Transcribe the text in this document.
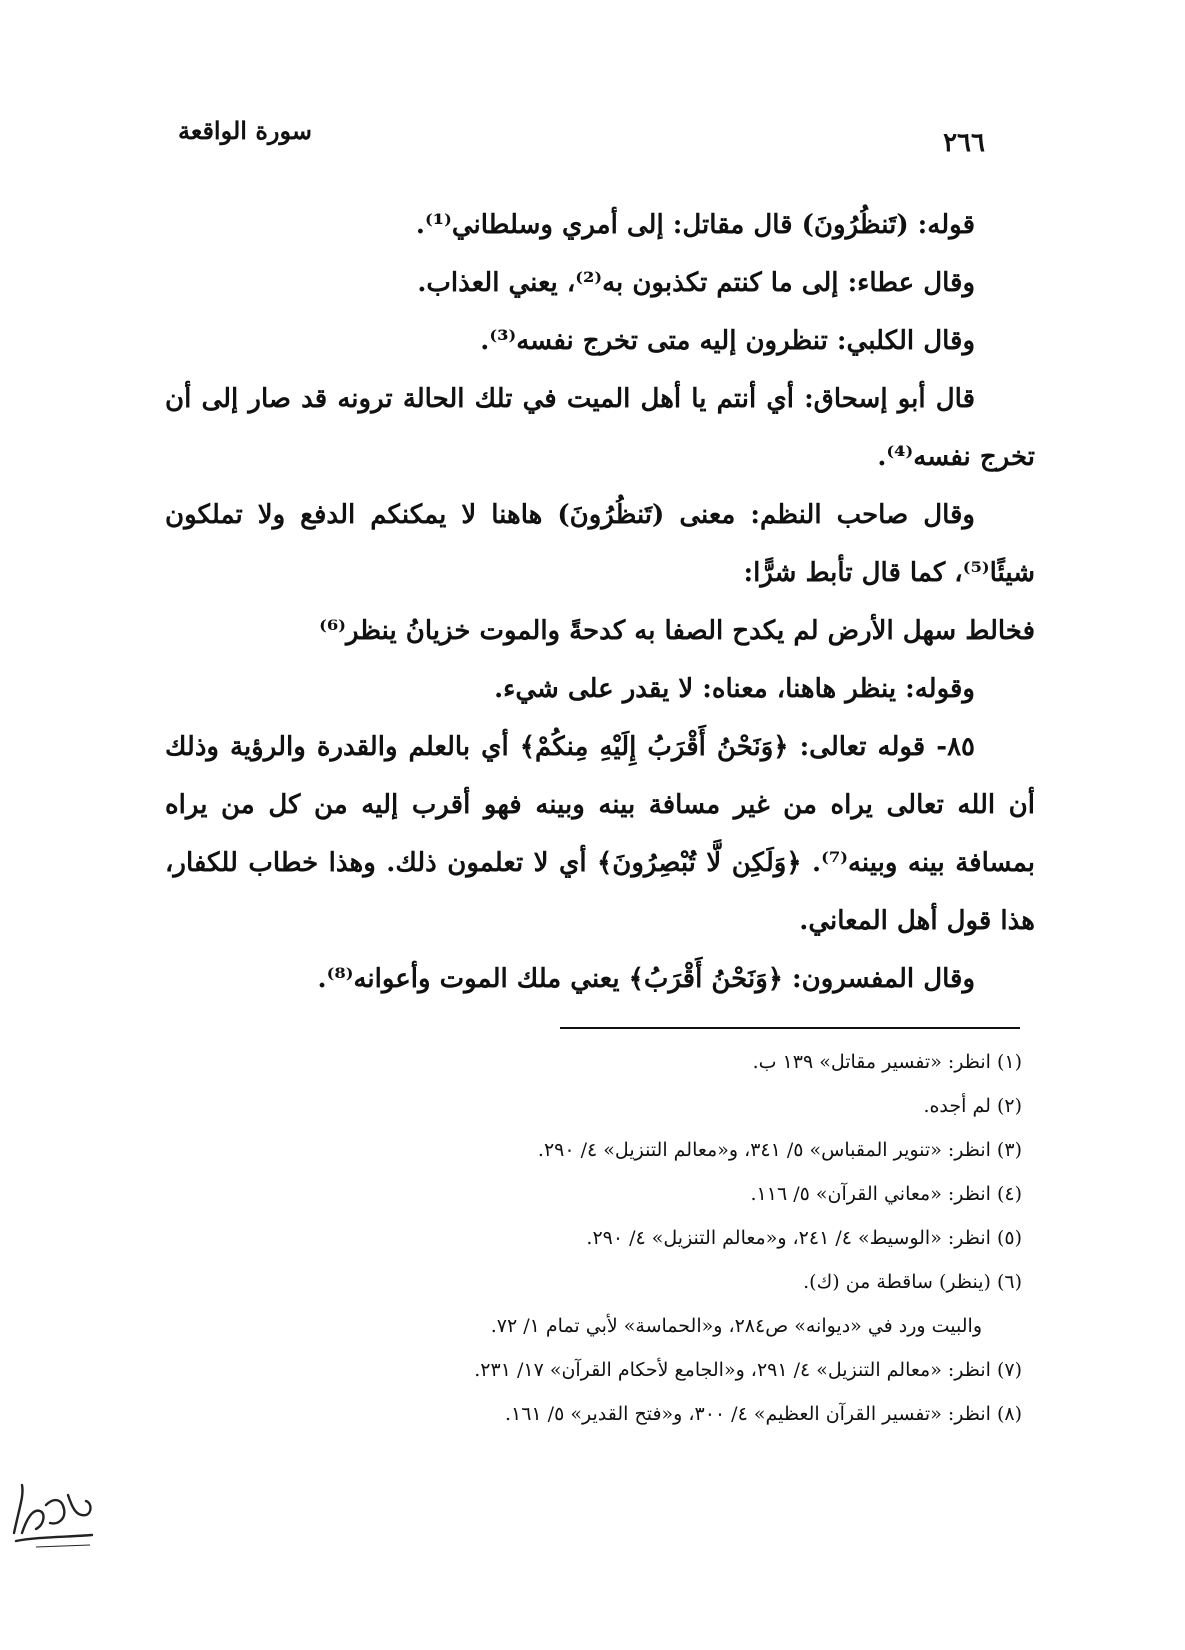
٢٦٦
سورة الواقعة

قوله: (تَنظُرُونَ) قال مقاتل: إلى أمري وسلطاني⁽¹⁾.

وقال عطاء: إلى ما كنتم تكذبون به⁽²⁾، يعني العذاب.

وقال الكلبي: تنظرون إليه متى تخرج نفسه⁽³⁾.

قال أبو إسحاق: أي أنتم يا أهل الميت في تلك الحالة ترونه قد صار إلى أن تخرج نفسه⁽⁴⁾.

وقال صاحب النظم: معنى (تَنظُرُونَ) هاهنا لا يمكنكم الدفع ولا تملكون شيئًا⁽⁵⁾، كما قال تأبط شرًّا:

فخالط سهل الأرض لم يكدح الصفا به كدحةً والموت خزيانُ ينظر⁽⁶⁾

وقوله: ينظر هاهنا، معناه: لا يقدر على شيء.

٨٥- قوله تعالى: ﴿وَنَحْنُ أَقْرَبُ إِلَيْهِ مِنكُمْ﴾ أي بالعلم والقدرة والرؤية وذلك أن الله تعالى يراه من غير مسافة بينه وبينه فهو أقرب إليه من كل من يراه بمسافة بينه وبينه⁽⁷⁾. ﴿وَلَكِن لَّا تُبْصِرُونَ﴾ أي لا تعلمون ذلك. وهذا خطاب للكفار، هذا قول أهل المعاني.

وقال المفسرون: ﴿وَنَحْنُ أَقْرَبُ﴾ يعني ملك الموت وأعوانه⁽⁸⁾.

(١) انظر: «تفسير مقاتل» ١٣٩ ب.
(٢) لم أجده.
(٣) انظر: «تنوير المقباس» ٥/ ٣٤١، و«معالم التنزيل» ٤/ ٢٩٠.
(٤) انظر: «معاني القرآن» ٥/ ١١٦.
(٥) انظر: «الوسيط» ٤/ ٢٤١، و«معالم التنزيل» ٤/ ٢٩٠.
(٦) (ينظر) ساقطة من (ك).
والبيت ورد في «ديوانه» ص٢٨٤، و«الحماسة» لأبي تمام ١/ ٧٢.
(٧) انظر: «معالم التنزيل» ٤/ ٢٩١، و«الجامع لأحكام القرآن» ١٧/ ٢٣١.
(٨) انظر: «تفسير القرآن العظيم» ٤/ ٣٠٠، و«فتح القدير» ٥/ ١٦١.
